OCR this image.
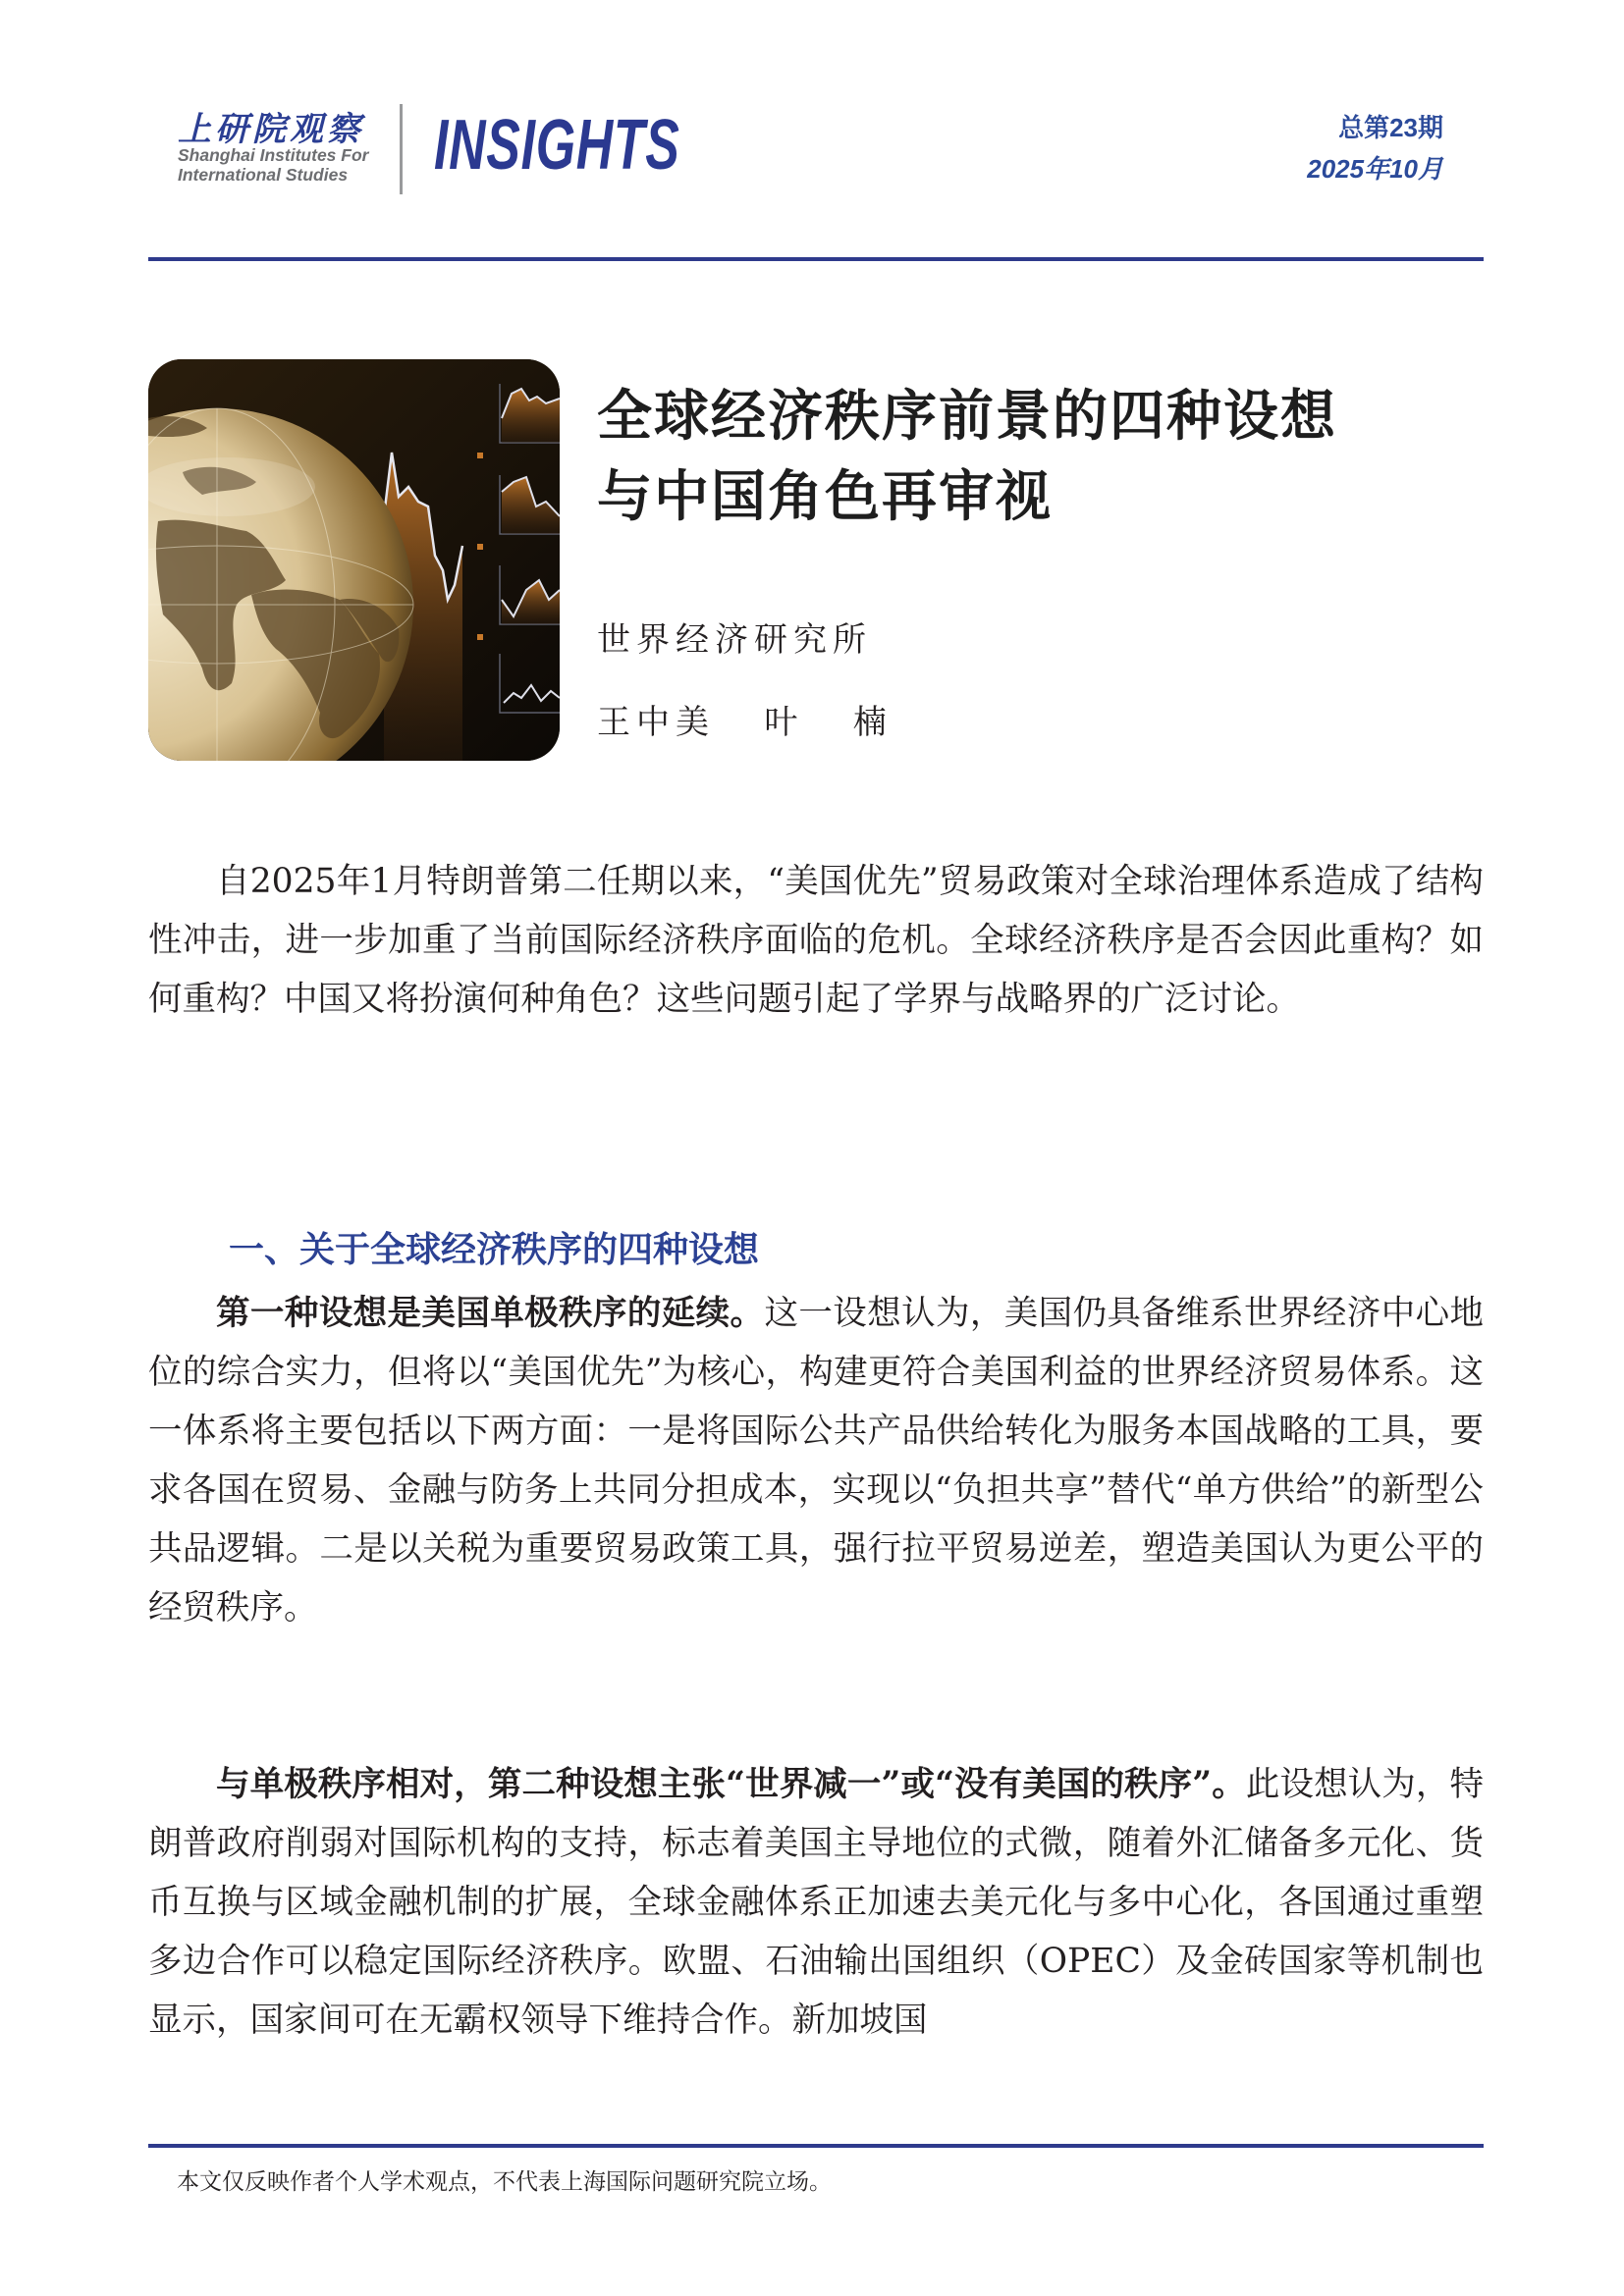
上研院观察
Shanghai Institutes For
International Studies INSIGHTS	总第23期
2025年10月
全球经济秩序前景的四种设想
与中国角色再审视
世界经济研究所
王中美   叶   楠

自2025年1月特朗普第二任期以来，“美国优先”贸易政策对全球治理体系造成了结构性冲击，进一步加重了当前国际经济秩序面临的危机。全球经济秩序是否会因此重构？如何重构？中国又将扮演何种角色？这些问题引起了学界与战略界的广泛讨论。

一、关于全球经济秩序的四种设想

第一种设想是美国单极秩序的延续。这一设想认为，美国仍具备维系世界经济中心地位的综合实力，但将以“美国优先”为核心，构建更符合美国利益的世界经济贸易体系。这一体系将主要包括以下两方面：一是将国际公共产品供给转化为服务本国战略的工具，要求各国在贸易、金融与防务上共同分担成本，实现以“负担共享”替代“单方供给”的新型公共品逻辑。二是以关税为重要贸易政策工具，强行拉平贸易逆差，塑造美国认为更公平的经贸秩序。

与单极秩序相对，第二种设想主张“世界减一”或“没有美国的秩序”。此设想认为，特朗普政府削弱对国际机构的支持，标志着美国主导地位的式微，随着外汇储备多元化、货币互换与区域金融机制的扩展，全球金融体系正加速去美元化与多中心化，各国通过重塑多边合作可以稳定国际经济秩序。欧盟、石油输出国组织（OPEC）及金砖国家等机制也显示，国家间可在无霸权领导下维持合作。新加坡国

本文仅反映作者个人学术观点，不代表上海国际问题研究院立场。
